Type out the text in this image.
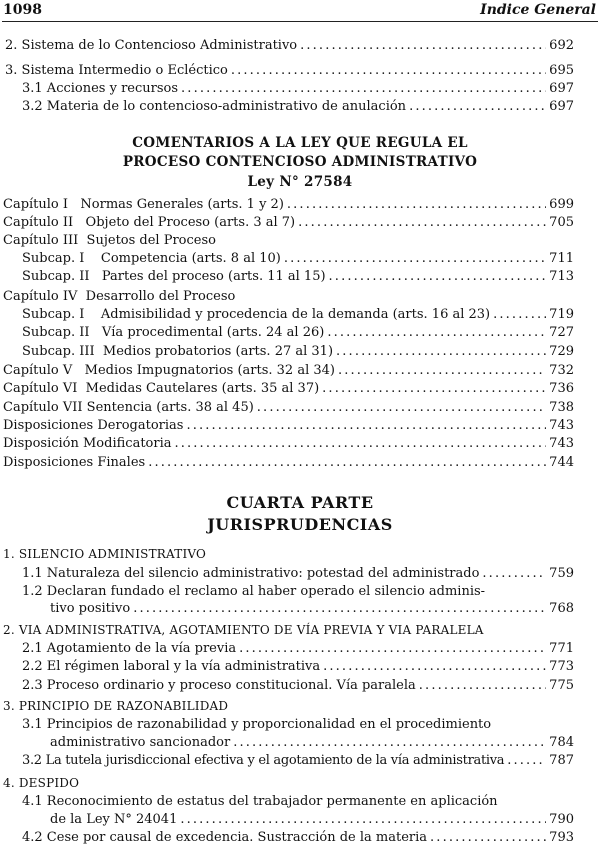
1098	Indice General
2. Sistema de lo Contencioso Administrativo . . .	692
3. Sistema Intermedio o Ecléctico . . .	695
3.1 Acciones y recursos . . .	697
3.2 Materia de lo contencioso-administrativo de anulación . . .	697
COMENTARIOS A LA LEY QUE REGULA EL
PROCESO CONTENCIOSO ADMINISTRATIVO
Ley N° 27584
Capítulo I   Normas Generales (arts. 1 y 2) . . .	699
Capítulo II   Objeto del Proceso (arts. 3 al 7) . . .	705
Capítulo III  Sujetos del Proceso
Subcap. I    Competencia (arts. 8 al 10) . . .	711
Subcap. II   Partes del proceso (arts. 11 al 15) . . .	713
Capítulo IV  Desarrollo del Proceso
Subcap. I    Admisibilidad y procedencia de la demanda (arts. 16 al 23) . . .	719
Subcap. II   Vía procedimental (arts. 24 al 26) . . .	727
Subcap. III  Medios probatorios (arts. 27 al 31) . . .	729
Capítulo V   Medios Impugnatorios (arts. 32 al 34) . . .	732
Capítulo VI  Medidas Cautelares (arts. 35 al 37) . . .	736
Capítulo VII Sentencia (arts. 38 al 45) . . .	738
Disposiciones Derogatorias . . .	743
Disposición Modificatoria . . .	743
Disposiciones Finales . . .	744
CUARTA PARTE
JURISPRUDENCIAS
1. SILENCIO ADMINISTRATIVO
1.1 Naturaleza del silencio administrativo: potestad del administrado . . .	759
1.2 Declaran fundado el reclamo al haber operado el silencio adminis-
tivo positivo . . .	768
2. VIA ADMINISTRATIVA, AGOTAMIENTO DE VÍA PREVIA Y VIA PARALELA
2.1 Agotamiento de la vía previa . . .	771
2.2 El régimen laboral y la vía administrativa . . .	773
2.3 Proceso ordinario y proceso constitucional. Vía paralela . . .	775
3. PRINCIPIO DE RAZONABILIDAD
3.1 Principios de razonabilidad y proporcionalidad en el procedimiento
administrativo sancionador . . .	784
3.2 La tutela jurisdiccional efectiva y el agotamiento de la vía administrativa . . .	787
4. DESPIDO
4.1 Reconocimiento de estatus del trabajador permanente en aplicación
de la Ley N° 24041 . . .	790
4.2 Cese por causal de excedencia. Sustracción de la materia . . .	793
